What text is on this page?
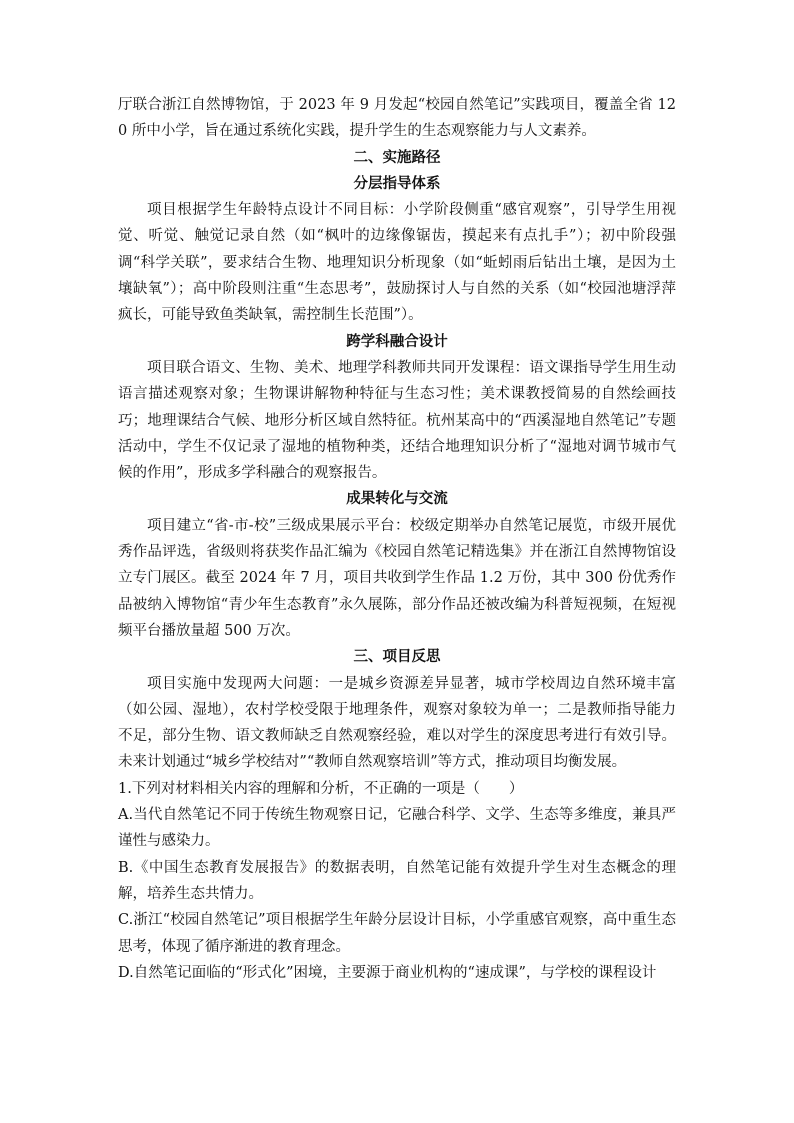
厅联合浙江自然博物馆，于 2023 年 9 月发起“校园自然笔记”实践项目，覆盖全省 120 所中小学，旨在通过系统化实践，提升学生的生态观察能力与人文素养。

二、实施路径

分层指导体系

项目根据学生年龄特点设计不同目标：小学阶段侧重“感官观察”，引导学生用视觉、听觉、触觉记录自然（如“枫叶的边缘像锯齿，摸起来有点扎手”）；初中阶段强调“科学关联”，要求结合生物、地理知识分析现象（如“蚯蚓雨后钻出土壤，是因为土壤缺氧”）；高中阶段则注重“生态思考”，鼓励探讨人与自然的关系（如“校园池塘浮萍疯长，可能导致鱼类缺氧，需控制生长范围”）。

跨学科融合设计

项目联合语文、生物、美术、地理学科教师共同开发课程：语文课指导学生用生动语言描述观察对象；生物课讲解物种特征与生态习性；美术课教授简易的自然绘画技巧；地理课结合气候、地形分析区域自然特征。杭州某高中的“西溪湿地自然笔记”专题活动中，学生不仅记录了湿地的植物种类，还结合地理知识分析了“湿地对调节城市气候的作用”，形成多学科融合的观察报告。

成果转化与交流

项目建立“省-市-校”三级成果展示平台：校级定期举办自然笔记展览，市级开展优秀作品评选，省级则将获奖作品汇编为《校园自然笔记精选集》并在浙江自然博物馆设立专门展区。截至 2024 年 7 月，项目共收到学生作品 1.2 万份，其中 300 份优秀作品被纳入博物馆“青少年生态教育”永久展陈，部分作品还被改编为科普短视频，在短视频平台播放量超 500 万次。

三、项目反思

项目实施中发现两大问题：一是城乡资源差异显著，城市学校周边自然环境丰富（如公园、湿地），农村学校受限于地理条件，观察对象较为单一；二是教师指导能力不足，部分生物、语文教师缺乏自然观察经验，难以对学生的深度思考进行有效引导。未来计划通过“城乡学校结对”“教师自然观察培训”等方式，推动项目均衡发展。

1.下列对材料相关内容的理解和分析，不正确的一项是（　　）

A.当代自然笔记不同于传统生物观察日记，它融合科学、文学、生态等多维度，兼具严谨性与感染力。

B.《中国生态教育发展报告》的数据表明，自然笔记能有效提升学生对生态概念的理解，培养生态共情力。

C.浙江“校园自然笔记”项目根据学生年龄分层设计目标，小学重感官观察，高中重生态思考，体现了循序渐进的教育理念。

D.自然笔记面临的“形式化”困境，主要源于商业机构的“速成课”，与学校的课程设计
